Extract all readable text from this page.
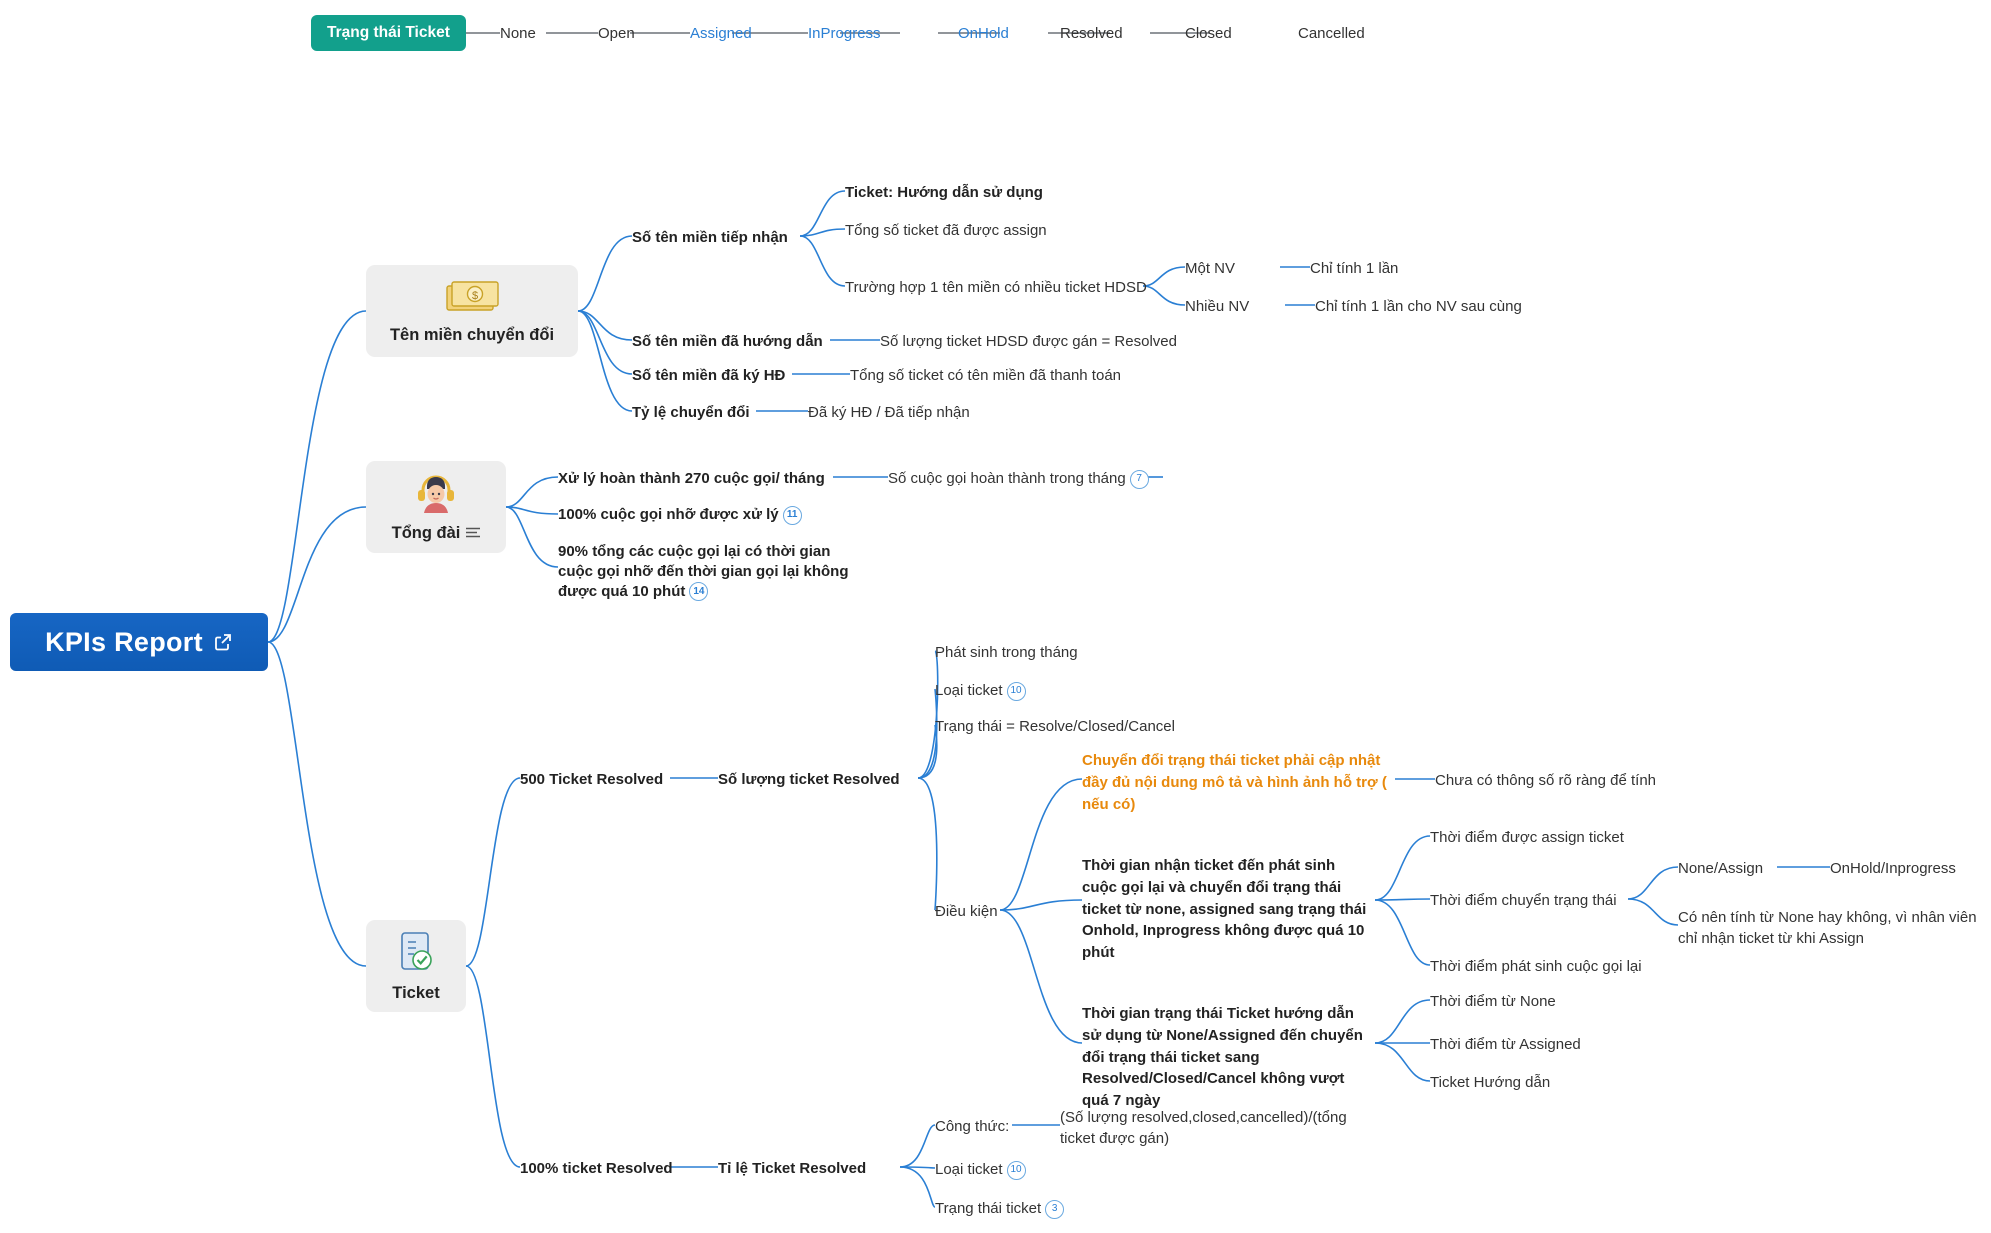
Trạng thái Ticket	None	Open	Assigned	InProgress	OnHold	Resolved	Closed	Cancelled
KPIs Report
$
Tên miền chuyển đổi
Số tên miền tiếp nhận
Số tên miền đã hướng dẫn
Số tên miền đã ký HĐ
Tỷ lệ chuyển đổi
Ticket: Hướng dẫn sử dụng
Tổng số ticket đã được assign
Trường hợp 1 tên miền có nhiều ticket HDSD
Một NV	Chỉ tính 1 lần
Nhiều NV	Chỉ tính 1 lần cho NV sau cùng
Số lượng ticket HDSD được gán = Resolved
Tổng số ticket có tên miền đã thanh toán
Đã ký HĐ / Đã tiếp nhận
Tổng đài
Xử lý hoàn thành 270 cuộc gọi/ tháng	Số cuộc gọi hoàn thành trong tháng 7
100% cuộc gọi nhỡ được xử lý 11
90% tổng các cuộc gọi lại có thời gian cuộc gọi nhỡ đến thời gian gọi lại không được quá 10 phút 14
Ticket
500 Ticket Resolved	Số lượng ticket Resolved
Phát sinh trong tháng
Loại ticket 10
Trạng thái = Resolve/Closed/Cancel
Điều kiện
Chuyển đổi trạng thái ticket phải cập nhật đầy đủ nội dung mô tả và hình ảnh hỗ trợ ( nếu có)
Chưa có thông số rõ ràng để tính
Thời gian nhận ticket đến phát sinh cuộc gọi lại và chuyển đổi trạng thái ticket từ none, assigned sang trạng thái Onhold, Inprogress không được quá 10 phút
Thời điểm được assign ticket
Thời điểm chuyển trạng thái
None/Assign	OnHold/Inprogress
Có nên tính từ None hay không, vì nhân viên chỉ nhận ticket từ khi Assign
Thời điểm phát sinh cuộc gọi lại
Thời gian trạng thái Ticket hướng dẫn sử dụng từ None/Assigned đến chuyển đổi trạng thái ticket sang Resolved/Closed/Cancel không vượt quá 7 ngày
Thời điểm từ None
Thời điểm từ Assigned
Ticket Hướng dẫn
100% ticket Resolved	Tỉ lệ Ticket Resolved
Công thức:
(Số lượng resolved,closed,cancelled)/(tổng ticket được gán)
Loại ticket 10
Trạng thái ticket 3
